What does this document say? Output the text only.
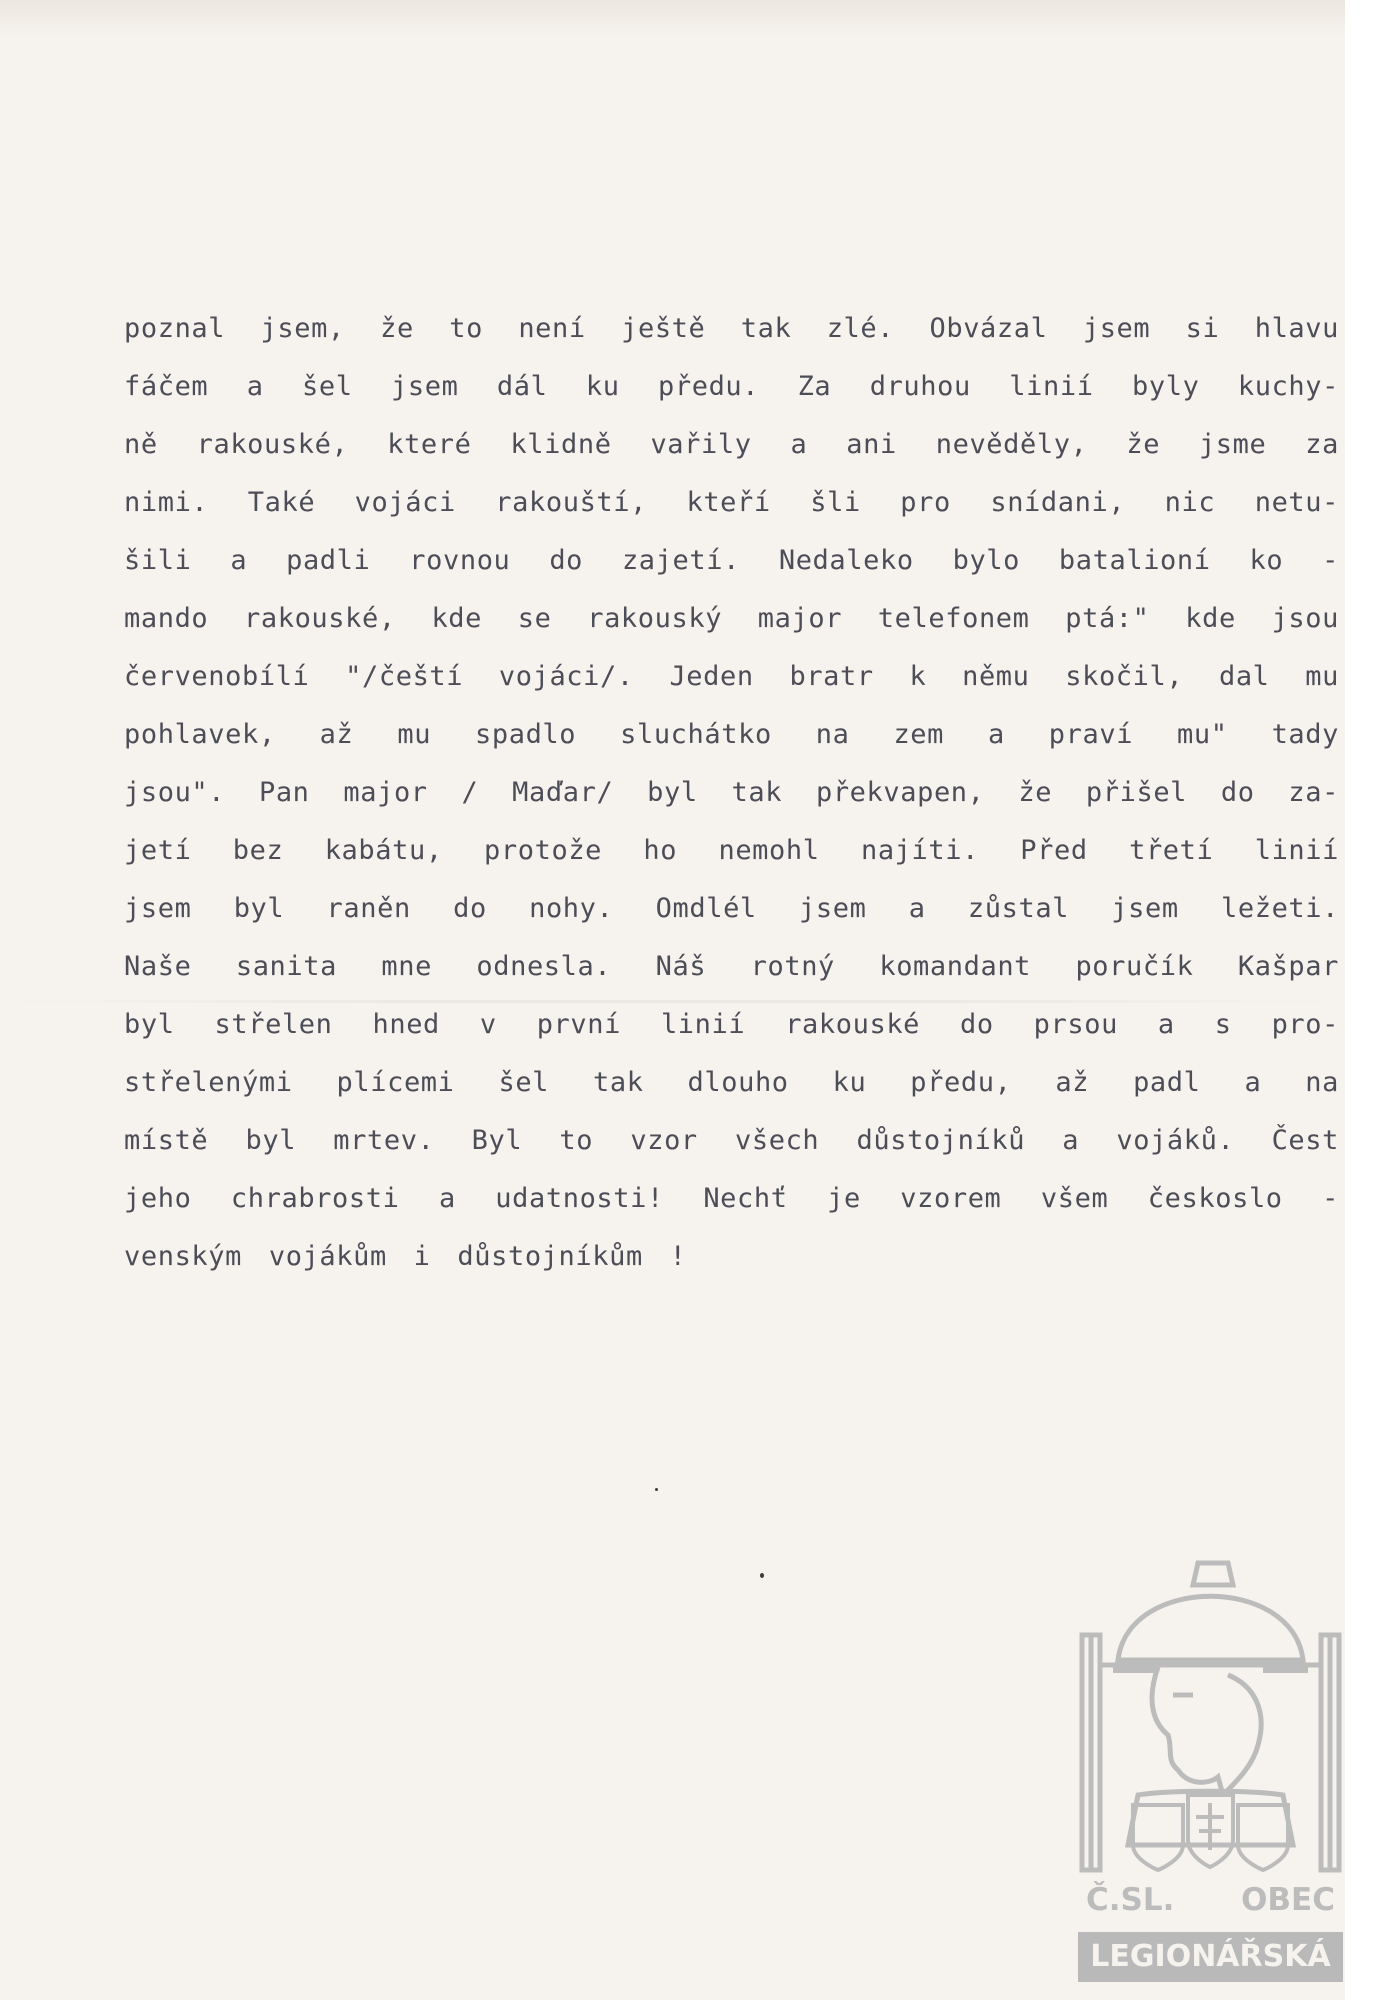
poznal jsem, že to není ještě tak zlé. Obvázal jsem si hlavu
fáčem a šel jsem dál ku předu. Za druhou linií byly kuchy-
ně rakouské, které klidně vařily a ani nevěděly, že jsme za
nimi. Také vojáci rakouští, kteří šli pro snídani, nic netu-
šili a padli rovnou do zajetí. Nedaleko bylo batalioní ko -
mando rakouské, kde se rakouský major telefonem ptá:" kde jsou
červenobílí "/čeští vojáci/. Jeden bratr k němu skočil, dal mu
pohlavek, až mu spadlo sluchátko na zem a praví mu" tady
jsou". Pan major / Maďar/ byl tak překvapen, že přišel do za-
jetí bez kabátu, protože ho nemohl najíti. Před třetí linií
jsem byl raněn do nohy. Omdlél jsem a zůstal jsem ležeti.
Naše sanita mne odnesla. Náš rotný komandant poručík Kašpar
byl střelen hned v první linií rakouské do prsou a s pro-
střelenými plícemi šel tak dlouho ku předu, až padl a na
místě byl mrtev. Byl to vzor všech důstojníků a vojáků. Čest
jeho chrabrosti a udatnosti! Nechť je vzorem všem českoslo -
venským vojákům i důstojníkům !
Č.SL. OBEC
LEGIONÁŘSKÁ
